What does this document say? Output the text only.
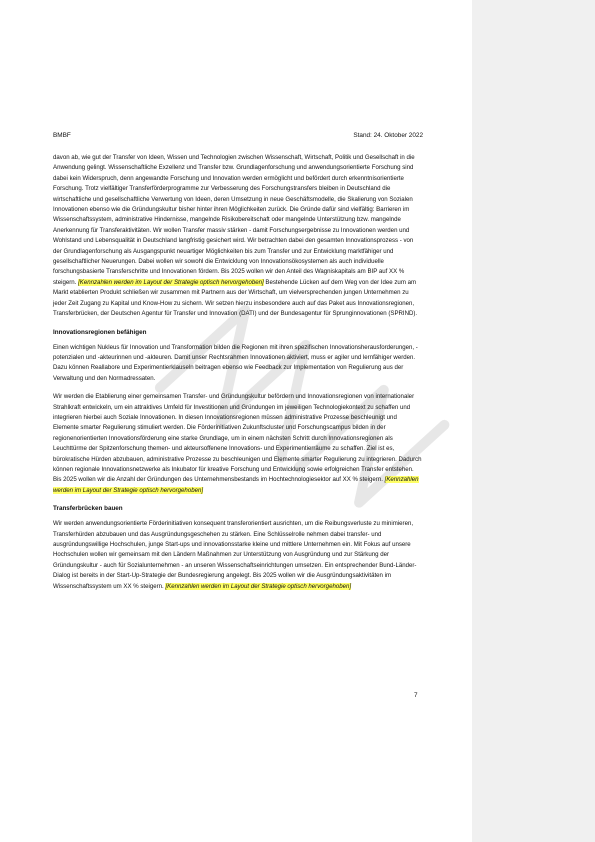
BMBF	Stand: 24. Oktober 2022

davon ab, wie gut der Transfer von Ideen, Wissen und Technologien zwischen Wissenschaft, Wirtschaft, Politik und Gesellschaft in die Anwendung gelingt. Wissenschaftliche Exzellenz und Transfer bzw. Grundlagenforschung und anwendungsorientierte Forschung sind dabei kein Widerspruch, denn angewandte Forschung und Innovation werden ermöglicht und befördert durch erkenntnisorientierte Forschung. Trotz vielfältiger Transferförderprogramme zur Verbesserung des Forschungstransfers bleiben in Deutschland die wirtschaftliche und gesellschaftliche Verwertung von Ideen, deren Umsetzung in neue Geschäftsmodelle, die Skalierung von Sozialen Innovationen ebenso wie die Gründungskultur bisher hinter ihren Möglichkeiten zurück. Die Gründe dafür sind vielfältig: Barrieren im Wissenschaftssystem, administrative Hindernisse, mangelnde Risikobereitschaft oder mangelnde Unterstützung bzw. mangelnde Anerkennung für Transferaktivitäten. Wir wollen Transfer massiv stärken - damit Forschungsergebnisse zu Innovationen werden und Wohlstand und Lebensqualität in Deutschland langfristig gesichert wird. Wir betrachten dabei den gesamten Innovationsprozess - von der Grundlagenforschung als Ausgangspunkt neuartiger Möglichkeiten bis zum Transfer und zur Entwicklung marktfähiger und gesellschaftlicher Neuerungen. Dabei wollen wir sowohl die Entwicklung von Innovationsökosystemen als auch individuelle forschungsbasierte Transferschritte und Innovationen fördern. Bis 2025 wollen wir den Anteil des Wagniskapitals am BIP auf XX % steigern. [Kennzahlen werden im Layout der Strategie optisch hervorgehoben] Bestehende Lücken auf dem Weg von der Idee zum am Markt etablierten Produkt schließen wir zusammen mit Partnern aus der Wirtschaft, um vielversprechenden jungen Unternehmen zu jeder Zeit Zugang zu Kapital und Know-How zu sichern. Wir setzen hierzu insbesondere auch auf das Paket aus Innovationsregionen, Transferbrücken, der Deutschen Agentur für Transfer und Innovation (DATI) und der Bundesagentur für Sprunginnovationen (SPRIND).

Innovationsregionen befähigen

Einen wichtigen Nukleus für Innovation und Transformation bilden die Regionen mit ihren spezifischen Innovationsherausforderungen, -potenzialen und -akteurinnen und -akteuren. Damit unser Rechtsrahmen Innovationen aktiviert, muss er agiler und lernfähiger werden. Dazu können Reallabore und Experimentierklauseln beitragen ebenso wie Feedback zur Implementation von Regulierung aus der Verwaltung und den Normadressaten.

Wir werden die Etablierung einer gemeinsamen Transfer- und Gründungskultur befördern und Innovationsregionen von internationaler Strahlkraft entwickeln, um ein attraktives Umfeld für Investitionen und Gründungen im jeweiligen Technologiekontext zu schaffen und integrieren hierbei auch Soziale Innovationen. In diesen Innovationsregionen müssen administrative Prozesse beschleunigt und Elemente smarter Regulierung stimuliert werden. Die Förderinitiativen Zukunftscluster und Forschungscampus bilden in der regionenorientierten Innovationsförderung eine starke Grundlage, um in einem nächsten Schritt durch Innovationsregionen als Leuchttürme der Spitzenforschung themen- und akteursoffenene Innovations- und Experimentierräume zu schaffen. Ziel ist es, bürokratische Hürden abzubauen, administrative Prozesse zu beschleunigen und Elemente smarter Regulierung zu integrieren. Dadurch können regionale Innovationsnetzwerke als Inkubator für kreative Forschung und Entwicklung sowie erfolgreichen Transfer entstehen. Bis 2025 wollen wir die Anzahl der Gründungen des Unternehmensbestands im Hochtechnologiesektor auf XX % steigern. [Kennzahlen werden im Layout der Strategie optisch hervorgehoben]

Transferbrücken bauen

Wir werden anwendungsorientierte Förderinitiativen konsequent transferorientiert ausrichten, um die Reibungsverluste zu minimieren, Transferhürden abzubauen und das Ausgründungsgeschehen zu stärken. Eine Schlüsselrolle nehmen dabei transfer- und ausgründungswillige Hochschulen, junge Start-ups und innovationsstarke kleine und mittlere Unternehmen ein. Mit Fokus auf unsere Hochschulen wollen wir gemeinsam mit den Ländern Maßnahmen zur Unterstützung von Ausgründung und zur Stärkung der Gründungskultur - auch für Sozialunternehmen - an unseren Wissenschaftseinrichtungen umsetzen. Ein entsprechender Bund-Länder-Dialog ist bereits in der Start-Up-Strategie der Bundesregierung angelegt. Bis 2025 wollen wir die Ausgründungsaktivitäten im Wissenschaftssystem um XX % steigern. [Kennzahlen werden im Layout der Strategie optisch hervorgehoben]

7
